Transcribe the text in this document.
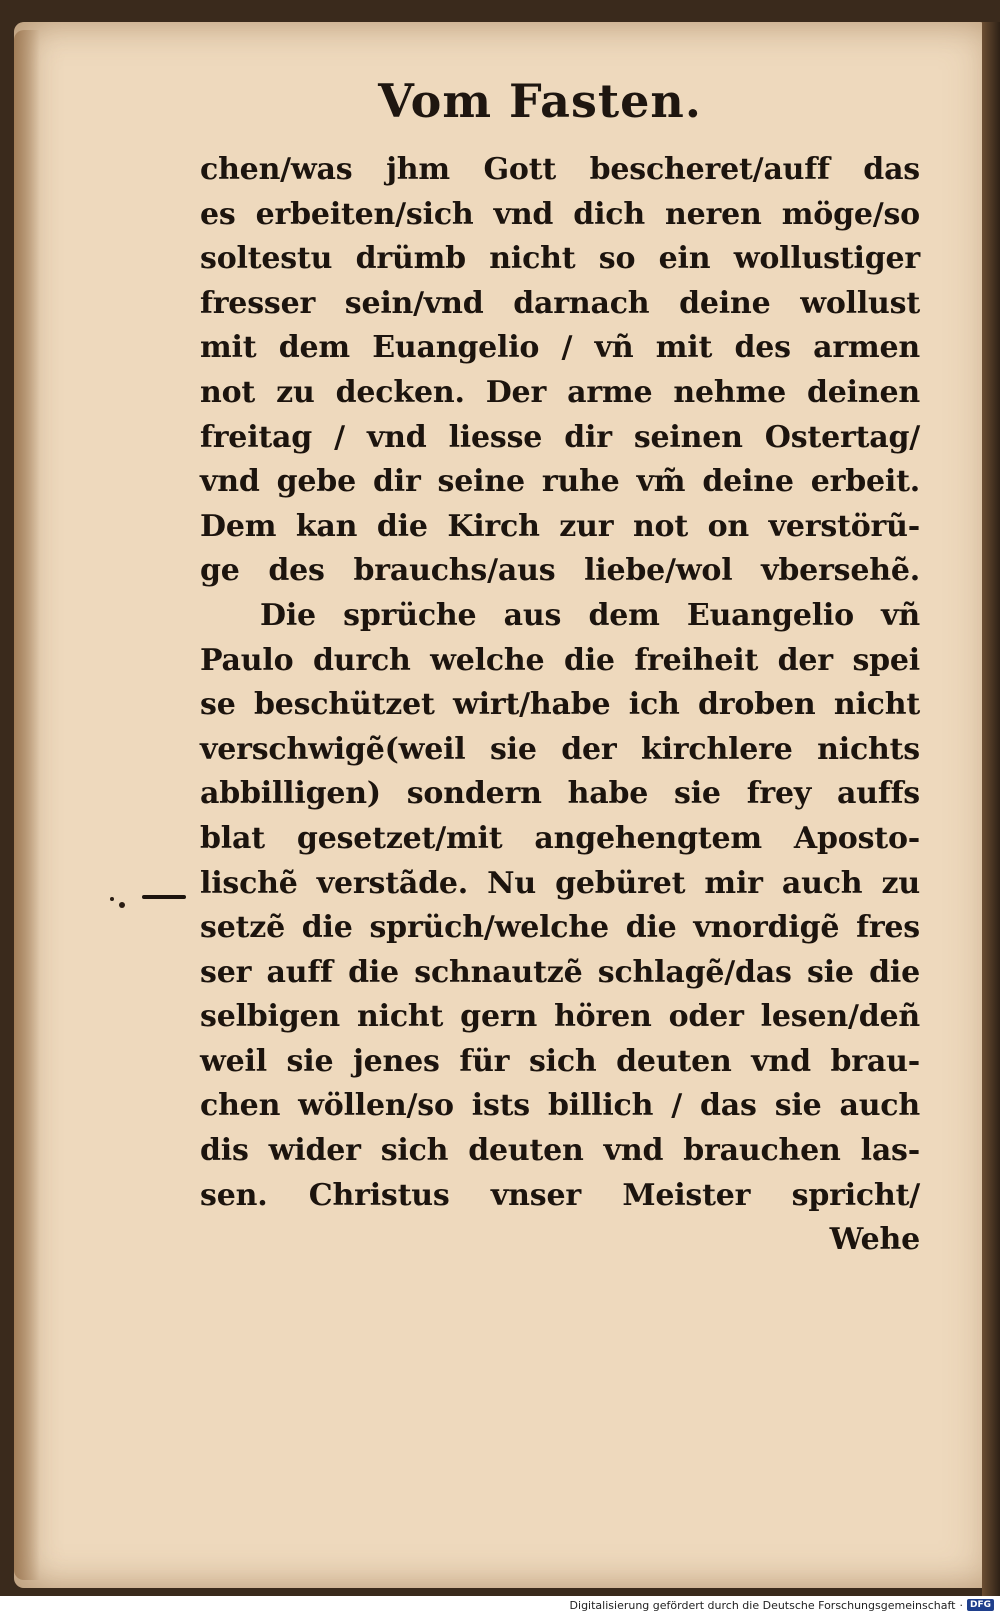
Vom Fasten.
chen/was jhm Gott bescheret/auff das
es erbeiten/sich vnd dich neren möge/so
soltestu drümb nicht so ein wollustiger
fresser sein/vnd darnach deine wollust
mit dem Euangelio / vñ mit des armen
not zu decken. Der arme nehme deinen
freitag / vnd liesse dir seinen Ostertag/
vnd gebe dir seine ruhe vm̃ deine erbeit.
Dem kan die Kirch zur not on verstörũ-
ge des brauchs/aus liebe/wol vbersehẽ.
Die sprüche aus dem Euangelio vñ
Paulo durch welche die freiheit der spei
se beschützet wirt/habe ich droben nicht
verschwigẽ(weil sie der kirchlere nichts
abbilligen) sondern habe sie frey auffs
blat gesetzet/mit angehengtem Aposto-
lischẽ verstãde. Nu gebüret mir auch zu
setzẽ die sprüch/welche die vnordigẽ fres
ser auff die schnautzẽ schlagẽ/das sie die
selbigen nicht gern hören oder lesen/deñ
weil sie jenes für sich deuten vnd brau-
chen wöllen/so ists billich / das sie auch
dis wider sich deuten vnd brauchen las-
sen. Christus vnser Meister spricht/
Wehe
Digitalisierung gefördert durch die Deutsche Forschungsgemeinschaft · DFG
